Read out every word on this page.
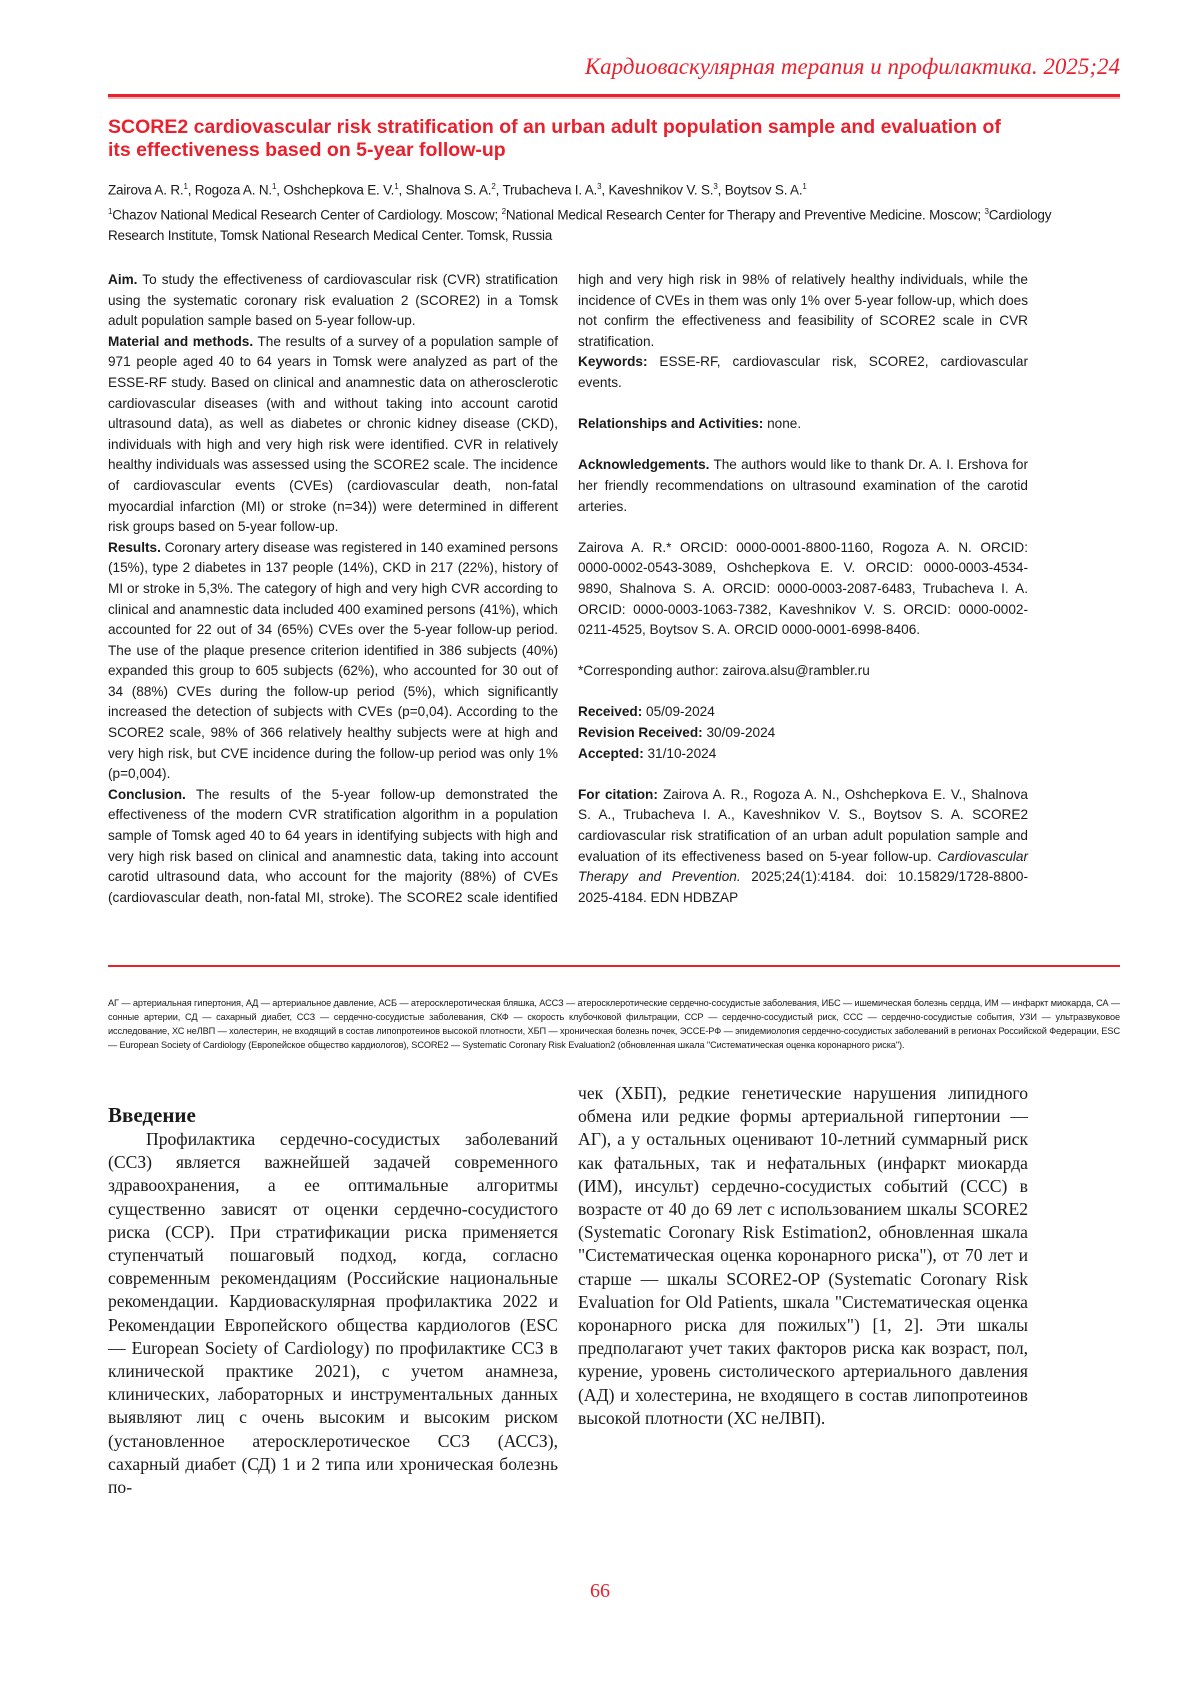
Кардиоваскулярная терапия и профилактика. 2025;24
SCORE2 cardiovascular risk stratification of an urban adult population sample and evaluation of its effectiveness based on 5-year follow-up
Zairova A. R.1, Rogoza A. N.1, Oshchepkova E. V.1, Shalnova S. A.2, Trubacheva I. A.3, Kaveshnikov V. S.3, Boytsov S. A.1
1Chazov National Medical Research Center of Cardiology. Moscow; 2National Medical Research Center for Therapy and Preventive Medicine. Moscow; 3Cardiology Research Institute, Tomsk National Research Medical Center. Tomsk, Russia

Aim. To study the effectiveness of cardiovascular risk (CVR) stratification using the systematic coronary risk evaluation 2 (SCORE2) in a Tomsk adult population sample based on 5-year follow-up.

Material and methods. The results of a survey of a population sample of 971 people aged 40 to 64 years in Tomsk were analyzed as part of the ESSE-RF study. Based on clinical and anamnestic data on atherosclerotic cardiovascular diseases (with and without taking into account carotid ultrasound data), as well as diabetes or chronic kidney disease (CKD), individuals with high and very high risk were identified. CVR in relatively healthy individuals was assessed using the SCORE2 scale. The incidence of cardiovascular events (CVEs) (cardiovascular death, non-fatal myocardial infarction (MI) or stroke (n=34)) were determined in different risk groups based on 5-year follow-up.

Results. Coronary artery disease was registered in 140 examined persons (15%), type 2 diabetes in 137 people (14%), CKD in 217 (22%), history of MI or stroke in 5,3%. The category of high and very high CVR according to clinical and anamnestic data included 400 examined persons (41%), which accounted for 22 out of 34 (65%) CVEs over the 5-year follow-up period. The use of the plaque presence criterion identified in 386 subjects (40%) expanded this group to 605 subjects (62%), who accounted for 30 out of 34 (88%) CVEs during the follow-up period (5%), which significantly increased the detection of subjects with CVEs (p=0,04). According to the SCORE2 scale, 98% of 366 relatively healthy subjects were at high and very high risk, but CVE incidence during the follow-up period was only 1% (p=0,004).

Conclusion. The results of the 5-year follow-up demonstrated the effectiveness of the modern CVR stratification algorithm in a population sample of Tomsk aged 40 to 64 years in identifying subjects with high and very high risk based on clinical and anamnestic data, taking into account carotid ultrasound data, who account for the majority (88%) of CVEs (cardiovascular death, non-fatal MI, stroke). The SCORE2 scale identified high and very high risk in 98% of relatively healthy individuals, while the incidence of CVEs in them was only 1% over 5-year follow-up, which does not confirm the effectiveness and feasibility of SCORE2 scale in CVR stratification.

Keywords: ESSE-RF, cardiovascular risk, SCORE2, cardiovascular events.

Relationships and Activities: none.

Acknowledgements. The authors would like to thank Dr. A. I. Ershova for her friendly recommendations on ultrasound examination of the carotid arteries.

Zairova A. R.* ORCID: 0000-0001-8800-1160, Rogoza A. N. ORCID: 0000-0002-0543-3089, Oshchepkova E. V. ORCID: 0000-0003-4534-9890, Shalnova S. A. ORCID: 0000-0003-2087-6483, Trubacheva I. A. ORCID: 0000-0003-1063-7382, Kaveshnikov V. S. ORCID: 0000-0002-0211-4525, Boytsov S. A. ORCID 0000-0001-6998-8406.

*Corresponding author: zairova.alsu@rambler.ru

Received: 05/09-2024

Revision Received: 30/09-2024

Accepted: 31/10-2024

For citation: Zairova A. R., Rogoza A. N., Oshchepkova E. V., Shalnova S. A., Trubacheva I. A., Kaveshnikov V. S., Boytsov S. A. SCORE2 cardiovascular risk stratification of an urban adult population sample and evaluation of its effectiveness based on 5-year follow-up. Cardiovascular Therapy and Prevention. 2025;24(1):4184. doi: 10.15829/1728-8800-2025-4184. EDN HDBZAP

АГ — артериальная гипертония, АД — артериальное давление, АСБ — атеросклеротическая бляшка, АССЗ — атеросклеротические сердечно-сосудистые заболевания, ИБС — ишемическая болезнь сердца, ИМ — инфаркт миокарда, СА — сонные артерии, СД — сахарный диабет, ССЗ — сердечно-сосудистые заболевания, СКФ — скорость клубочковой фильтрации, ССР — сердечно-сосудистый риск, ССС — сердечно-сосудистые события, УЗИ — ультразвуковое исследование, ХС неЛВП — холестерин, не входящий в состав липопротеинов высокой плотности, ХБП — хроническая болезнь почек, ЭССЕ-РФ — эпидемиология сердечно-сосудистых заболеваний в регионах Российской Федерации, ESC — European Society of Cardiology (Европейское общество кардиологов), SCORE2 — Systematic Coronary Risk Evaluation2 (обновленная шкала "Систематическая оценка коронарного риска").
Введение

Профилактика сердечно-сосудистых заболеваний (ССЗ) является важнейшей задачей современного здравоохранения, а ее оптимальные алгоритмы существенно зависят от оценки сердечно-сосудистого риска (ССР). При стратификации риска применяется ступенчатый пошаговый подход, когда, согласно современным рекомендациям (Российские национальные рекомендации. Кардиоваскулярная профилактика 2022 и Рекомендации Европейского общества кардиологов (ESC — European Society of Cardiology) по профилактике ССЗ в клинической практике 2021), с учетом анамнеза, клинических, лабораторных и инструментальных данных выявляют лиц с очень высоким и высоким риском (установленное атеросклеротическое ССЗ (АССЗ), сахарный диабет (СД) 1 и 2 типа или хроническая болезнь по-

чек (ХБП), редкие генетические нарушения липидного обмена или редкие формы артериальной гипертонии — АГ), а у остальных оценивают 10-летний суммарный риск как фатальных, так и нефатальных (инфаркт миокарда (ИМ), инсульт) сердечно-сосудистых событий (ССС) в возрасте от 40 до 69 лет с использованием шкалы SCORE2 (Systematic Coronary Risk Estimation2, обновленная шкала "Систематическая оценка коронарного риска"), от 70 лет и старше — шкалы SCORE2-OP (Systematic Coronary Risk Evaluation for Old Patients, шкала "Систематическая оценка коронарного риска для пожилых") [1, 2]. Эти шкалы предполагают учет таких факторов риска как возраст, пол, курение, уровень систолического артериального давления (АД) и холестерина, не входящего в состав липопротеинов высокой плотности (ХС неЛВП).

66
